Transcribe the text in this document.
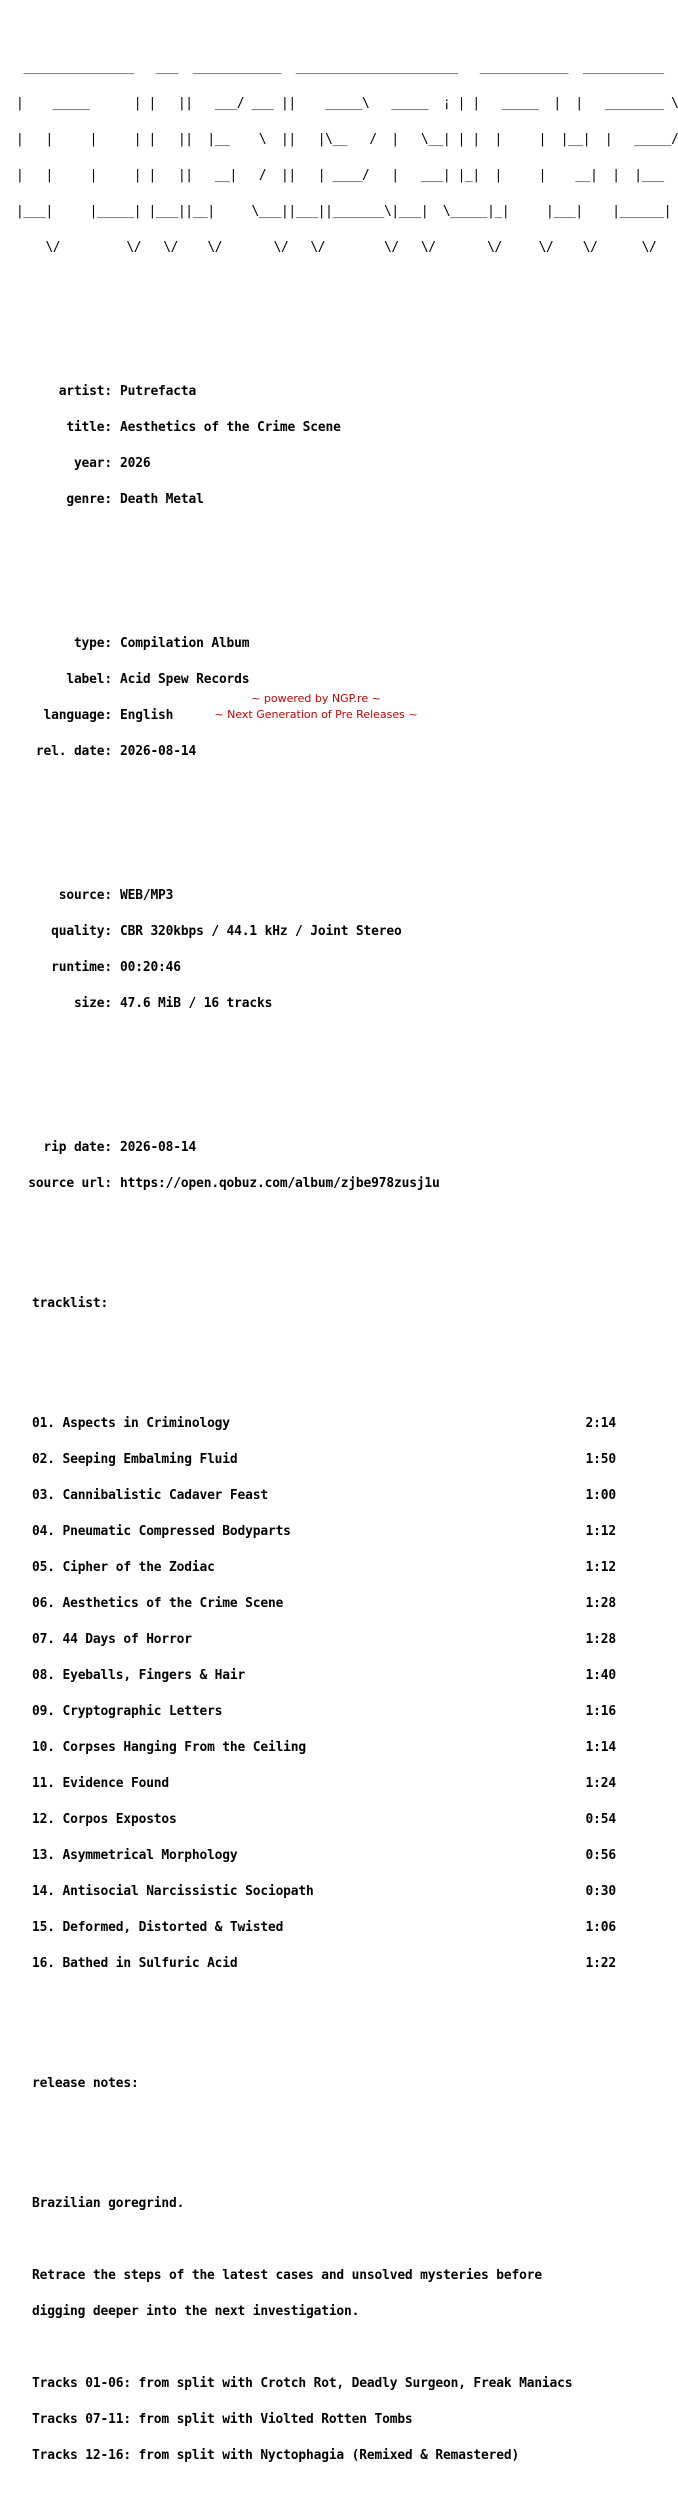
_______________   ___  ____________  ______________________   ____________  ___________

|    _____      | |   ||   ___/ ___ ||    _____\   _____  ¡ | |   _____  |  |   ________ \

|   |     |     | |   ||  |__    \  ||   |\__   /  |   \__| | |  |     |  |__|  |   _____/

|   |     |     | |   ||   __|   /  ||   | ____/   |   ___| |_|  |     |    __|  |  |___

|___|     |_____| |___||__|     \___||___||_______\|___|  \_____|_|     |___|    |______|

\/         \/   \/    \/       \/   \/        \/   \/       \/     \/    \/      \/

artist: Putrefacta

title: Aesthetics of the Crime Scene

year: 2026

genre: Death Metal

type: Compilation Album

label: Acid Spew Records

language: English

rel. date: 2026-08-14

source: WEB/MP3

quality: CBR 320kbps / 44.1 kHz / Joint Stereo

runtime: 00:20:46

size: 47.6 MiB / 16 tracks

rip date: 2026-08-14

source url: https://open.qobuz.com/album/zjbe978zusj1u

tracklist:

01. Aspects in Criminology	2:14

02. Seeping Embalming Fluid	1:50

03. Cannibalistic Cadaver Feast	1:00

04. Pneumatic Compressed Bodyparts	1:12

05. Cipher of the Zodiac	1:12

06. Aesthetics of the Crime Scene	1:28

07. 44 Days of Horror	1:28

08. Eyeballs, Fingers & Hair	1:40

09. Cryptographic Letters	1:16

10. Corpses Hanging From the Ceiling	1:14

11. Evidence Found	1:24

12. Corpos Expostos	0:54

13. Asymmetrical Morphology	0:56

14. Antisocial Narcissistic Sociopath	0:30

15. Deformed, Distorted & Twisted	1:06

16. Bathed in Sulfuric Acid	1:22

release notes:

Brazilian goregrind.

Retrace the steps of the latest cases and unsolved mysteries before

digging deeper into the next investigation.

Tracks 01-06: from split with Crotch Rot, Deadly Surgeon, Freak Maniacs

Tracks 07-11: from split with Violted Rotten Tombs

Tracks 12-16: from split with Nyctophagia (Remixed & Remastered)

~ powered by NGP.re ~
~ Next Generation of Pre Releases ~
